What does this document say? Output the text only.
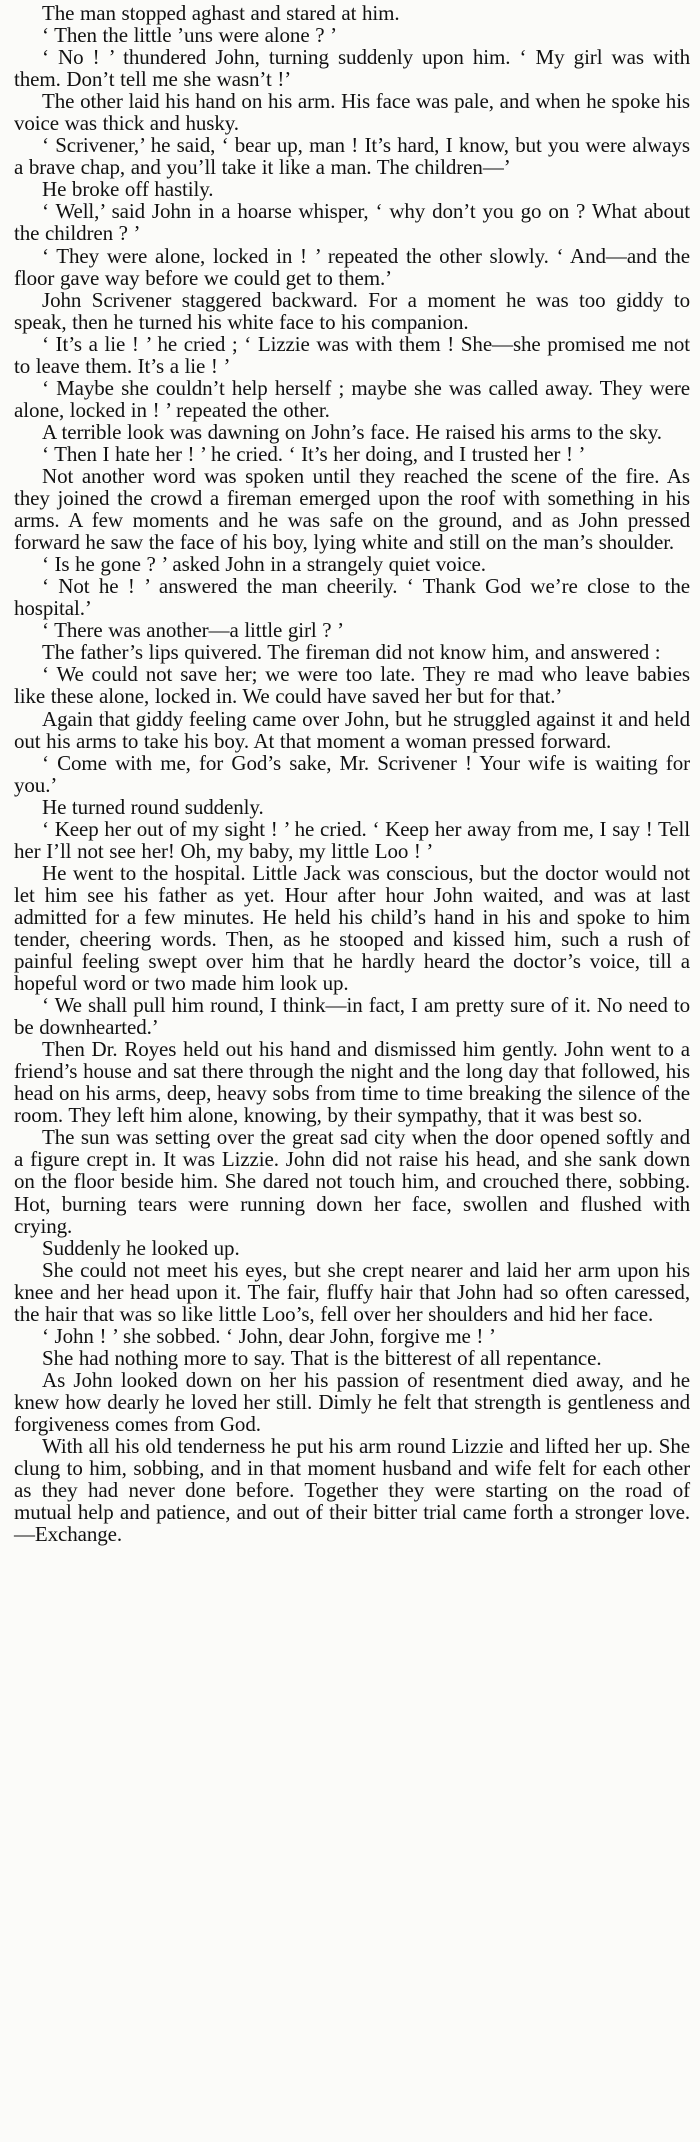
The man stopped aghast and stared at him.

‘ Then the little ’uns were alone ? ’

‘ No ! ’ thundered John, turning suddenly upon him. ‘ My girl was with them. Don’t tell me she wasn’t !’

The other laid his hand on his arm. His face was pale, and when he spoke his voice was thick and husky.

‘ Scrivener,’ he said, ‘ bear up, man ! It’s hard, I know, but you were always a brave chap, and you’ll take it like a man. The children—’

He broke off hastily.

‘ Well,’ said John in a hoarse whisper, ‘ why don’t you go on ? What about the children ? ’

‘ They were alone, locked in ! ’ repeated the other slowly. ‘ And—and the floor gave way before we could get to them.’

John Scrivener staggered backward. For a moment he was too giddy to speak, then he turned his white face to his companion.

‘ It’s a lie ! ’ he cried ; ‘ Lizzie was with them ! She—she promised me not to leave them. It’s a lie ! ’

‘ Maybe she couldn’t help herself ; maybe she was called away. They were alone, locked in ! ’ repeated the other.

A terrible look was dawning on John’s face. He raised his arms to the sky.

‘ Then I hate her ! ’ he cried. ‘ It’s her doing, and I trusted her ! ’

Not another word was spoken until they reached the scene of the fire. As they joined the crowd a fireman emerged upon the roof with something in his arms. A few moments and he was safe on the ground, and as John pressed forward he saw the face of his boy, lying white and still on the man’s shoulder.

‘ Is he gone ? ’ asked John in a strangely quiet voice.

‘ Not he ! ’ answered the man cheerily. ‘ Thank God we’re close to the hospital.’

‘ There was another—a little girl ? ’

The father’s lips quivered. The fireman did not know him, and answered :

‘ We could not save her; we were too late. They re mad who leave babies like these alone, locked in. We could have saved her but for that.’

Again that giddy feeling came over John, but he struggled against it and held out his arms to take his boy. At that moment a woman pressed forward.

‘ Come with me, for God’s sake, Mr. Scrivener ! Your wife is waiting for you.’

He turned round suddenly.

‘ Keep her out of my sight ! ’ he cried. ‘ Keep her away from me, I say ! Tell her I’ll not see her! Oh, my baby, my little Loo ! ’

He went to the hospital. Little Jack was conscious, but the doctor would not let him see his father as yet. Hour after hour John waited, and was at last admitted for a few minutes. He held his child’s hand in his and spoke to him tender, cheering words. Then, as he stooped and kissed him, such a rush of painful feeling swept over him that he hardly heard the doctor’s voice, till a hopeful word or two made him look up.

‘ We shall pull him round, I think—in fact, I am pretty sure of it. No need to be downhearted.’

Then Dr. Royes held out his hand and dismissed him gently. John went to a friend’s house and sat there through the night and the long day that followed, his head on his arms, deep, heavy sobs from time to time breaking the silence of the room. They left him alone, knowing, by their sympathy, that it was best so.

The sun was setting over the great sad city when the door opened softly and a figure crept in. It was Lizzie. John did not raise his head, and she sank down on the floor beside him. She dared not touch him, and crouched there, sobbing. Hot, burning tears were running down her face, swollen and flushed with crying.

Suddenly he looked up.

She could not meet his eyes, but she crept nearer and laid her arm upon his knee and her head upon it. The fair, fluffy hair that John had so often caressed, the hair that was so like little Loo’s, fell over her shoulders and hid her face.

‘ John ! ’ she sobbed. ‘ John, dear John, forgive me ! ’

She had nothing more to say. That is the bitterest of all repentance.

As John looked down on her his passion of resentment died away, and he knew how dearly he loved her still. Dimly he felt that strength is gentleness and forgiveness comes from God.

With all his old tenderness he put his arm round Lizzie and lifted her up. She clung to him, sobbing, and in that moment husband and wife felt for each other as they had never done before. Together they were starting on the road of mutual help and patience, and out of their bitter trial came forth a stronger love.—Exchange.
